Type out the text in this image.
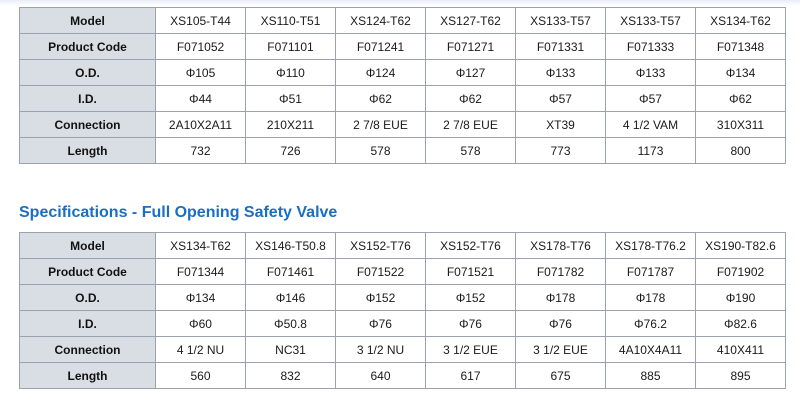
Model	XS105-T44	XS110-T51	XS124-T62	XS127-T62	XS133-T57	XS133-T57	XS134-T62
Product Code	F071052	F071101	F071241	F071271	F071331	F071333	F071348
O.D.	Φ105	Φ110	Φ124	Φ127	Φ133	Φ133	Φ134
I.D.	Φ44	Φ51	Φ62	Φ62	Φ57	Φ57	Φ62
Connection	2A10X2A11	210X211	2 7/8 EUE	2 7/8 EUE	XT39	4 1/2 VAM	310X311
Length	732	726	578	578	773	1173	800
Specifications - Full Opening Safety Valve
Model	XS134-T62	XS146-T50.8	XS152-T76	XS152-T76	XS178-T76	XS178-T76.2	XS190-T82.6
Product Code	F071344	F071461	F071522	F071521	F071782	F071787	F071902
O.D.	Φ134	Φ146	Φ152	Φ152	Φ178	Φ178	Φ190
I.D.	Φ60	Φ50.8	Φ76	Φ76	Φ76	Φ76.2	Φ82.6
Connection	4 1/2 NU	NC31	3 1/2 NU	3 1/2 EUE	3 1/2 EUE	4A10X4A11	410X411
Length	560	832	640	617	675	885	895
